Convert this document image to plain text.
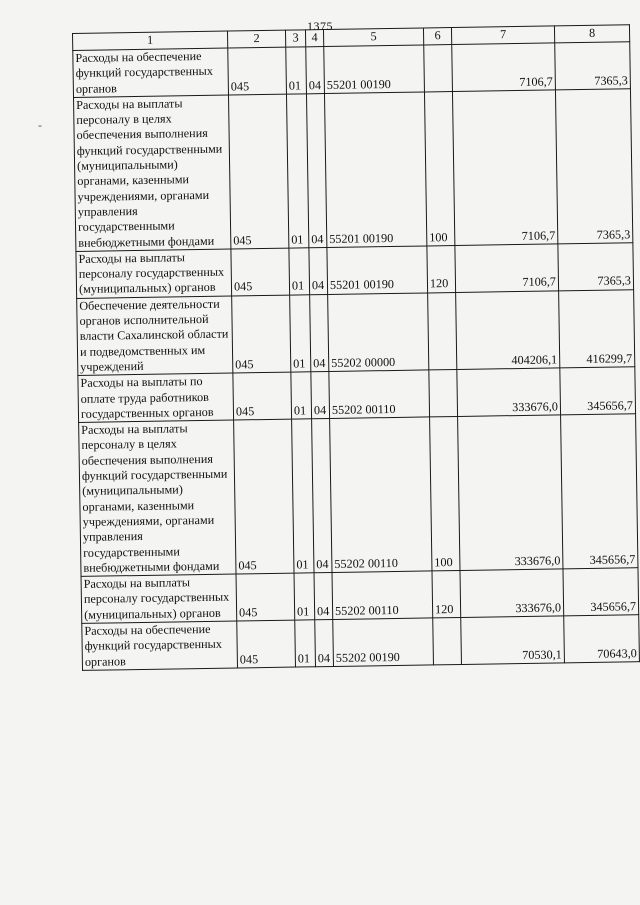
1375
-
1	2	3	4	5	6	7	8
Расходы на обеспечение функций государственных органов	045	01	04	55201 00190		7106,7	7365,3
Расходы на выплаты персоналу в целях обеспечения выполнения функций государственными (муниципальными) органами, казенными учреждениями, органами управления государственными внебюджетными фондами	045	01	04	55201 00190	100	7106,7	7365,3
Расходы на выплаты персоналу государственных (муниципальных) органов	045	01	04	55201 00190	120	7106,7	7365,3
Обеспечение деятельности органов исполнительной власти Сахалинской области и подведомственных им учреждений	045	01	04	55202 00000		404206,1	416299,7
Расходы на выплаты по оплате труда работников государственных органов	045	01	04	55202 00110		333676,0	345656,7
Расходы на выплаты персоналу в целях обеспечения выполнения функций государственными (муниципальными) органами, казенными учреждениями, органами управления государственными внебюджетными фондами	045	01	04	55202 00110	100	333676,0	345656,7
Расходы на выплаты персоналу государственных (муниципальных) органов	045	01	04	55202 00110	120	333676,0	345656,7
Расходы на обеспечение функций государственных органов	045	01	04	55202 00190		70530,1	70643,0
